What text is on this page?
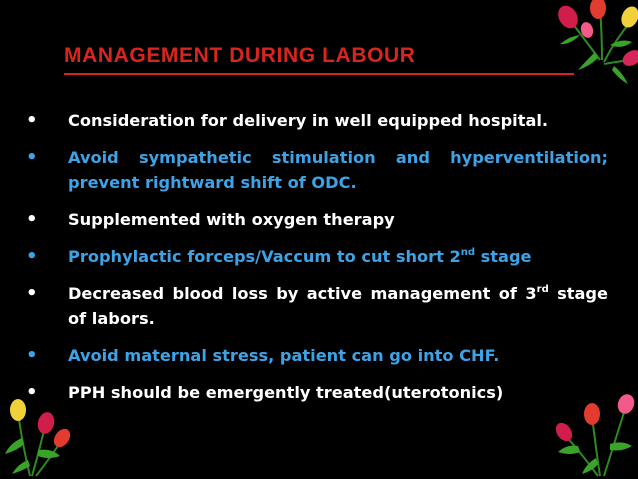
MANAGEMENT DURING LABOUR
• Consideration for delivery in well equipped hospital.
• Avoid sympathetic stimulation and hyperventilation; prevent rightward shift of ODC.
• Supplemented with oxygen therapy
• Prophylactic forceps/Vaccum to cut short 2nd stage
• Decreased blood loss by active management of 3rd stage of labors.
• Avoid maternal stress, patient can go into CHF.
• PPH should be emergently treated(uterotonics)
